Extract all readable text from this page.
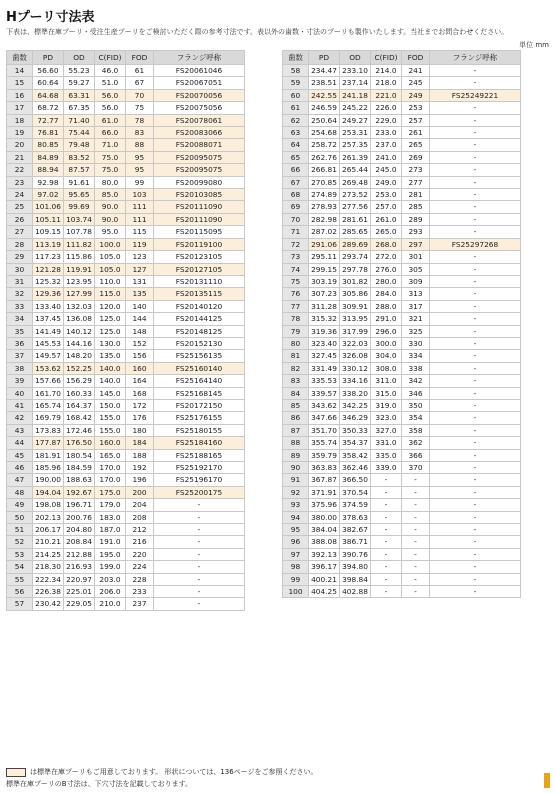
Hプーリ寸法表
下表は、標準在庫プーリ・受注生産プーリをご検討いただく際の参考寸法です。表以外の歯数・寸法のプーリも製作いたします。当社までお問合わせください。
単位 mm
歯数	PD	OD	C(FID)	FOD	フランジ呼称
14	56.60	55.23	46.0	61	FS20061046
15	60.64	59.27	51.0	67	FS20067051
16	64.68	63.31	56.0	70	FS20070056
17	68.72	67.35	56.0	75	FS20075056
18	72.77	71.40	61.0	78	FS20078061
19	76.81	75.44	66.0	83	FS20083066
20	80.85	79.48	71.0	88	FS20088071
21	84.89	83.52	75.0	95	FS20095075
22	88.94	87.57	75.0	95	FS20095075
23	92.98	91.61	80.0	99	FS20099080
24	97.02	95.65	85.0	103	FS20103085
25	101.06	99.69	90.0	111	FS20111090
26	105.11	103.74	90.0	111	FS20111090
27	109.15	107.78	95.0	115	FS20115095
28	113.19	111.82	100.0	119	FS20119100
29	117.23	115.86	105.0	123	FS20123105
30	121.28	119.91	105.0	127	FS20127105
31	125.32	123.95	110.0	131	FS20131110
32	129.36	127.99	115.0	135	FS20135115
33	133.40	132.03	120.0	140	FS20140120
34	137.45	136.08	125.0	144	FS20144125
35	141.49	140.12	125.0	148	FS20148125
36	145.53	144.16	130.0	152	FS20152130
37	149.57	148.20	135.0	156	FS25156135
38	153.62	152.25	140.0	160	FS25160140
39	157.66	156.29	140.0	164	FS25164140
40	161.70	160.33	145.0	168	FS25168145
41	165.74	164.37	150.0	172	FS20172150
42	169.79	168.42	155.0	176	FS25176155
43	173.83	172.46	155.0	180	FS25180155
44	177.87	176.50	160.0	184	FS25184160
45	181.91	180.54	165.0	188	FS25188165
46	185.96	184.59	170.0	192	FS25192170
47	190.00	188.63	170.0	196	FS25196170
48	194.04	192.67	175.0	200	FS25200175
49	198.08	196.71	179.0	204	-
50	202.13	200.76	183.0	208	-
51	206.17	204.80	187.0	212	-
52	210.21	208.84	191.0	216	-
53	214.25	212.88	195.0	220	-
54	218.30	216.93	199.0	224	-
55	222.34	220.97	203.0	228	-
56	226.38	225.01	206.0	233	-
57	230.42	229.05	210.0	237	-
歯数	PD	OD	C(FID)	FOD	フランジ呼称
58	234.47	233.10	214.0	241	-
59	238.51	237.14	218.0	245	-
60	242.55	241.18	221.0	249	FS25249221
61	246.59	245.22	226.0	253	-
62	250.64	249.27	229.0	257	-
63	254.68	253.31	233.0	261	-
64	258.72	257.35	237.0	265	-
65	262.76	261.39	241.0	269	-
66	266.81	265.44	245.0	273	-
67	270.85	269.48	249.0	277	-
68	274.89	273.52	253.0	281	-
69	278.93	277.56	257.0	285	-
70	282.98	281.61	261.0	289	-
71	287.02	285.65	265.0	293	-
72	291.06	289.69	268.0	297	FS25297268
73	295.11	293.74	272.0	301	-
74	299.15	297.78	276.0	305	-
75	303.19	301.82	280.0	309	-
76	307.23	305.86	284.0	313	-
77	311.28	309.91	288.0	317	-
78	315.32	313.95	291.0	321	-
79	319.36	317.99	296.0	325	-
80	323.40	322.03	300.0	330	-
81	327.45	326.08	304.0	334	-
82	331.49	330.12	308.0	338	-
83	335.53	334.16	311.0	342	-
84	339.57	338.20	315.0	346	-
85	343.62	342.25	319.0	350	-
86	347.66	346.29	323.0	354	-
87	351.70	350.33	327.0	358	-
88	355.74	354.37	331.0	362	-
89	359.79	358.42	335.0	366	-
90	363.83	362.46	339.0	370	-
91	367.87	366.50	-	-	-
92	371.91	370.54	-	-	-
93	375.96	374.59	-	-	-
94	380.00	378.63	-	-	-
95	384.04	382.67	-	-	-
96	388.08	386.71	-	-	-
97	392.13	390.76	-	-	-
98	396.17	394.80	-	-	-
99	400.21	398.84	-	-	-
100	404.25	402.88	-	-	-
は標準在庫プーリもご用意しております。 形状については、136ページをご参照ください。
標準在庫プーリのB寸法は、下穴寸法を記載しております。
